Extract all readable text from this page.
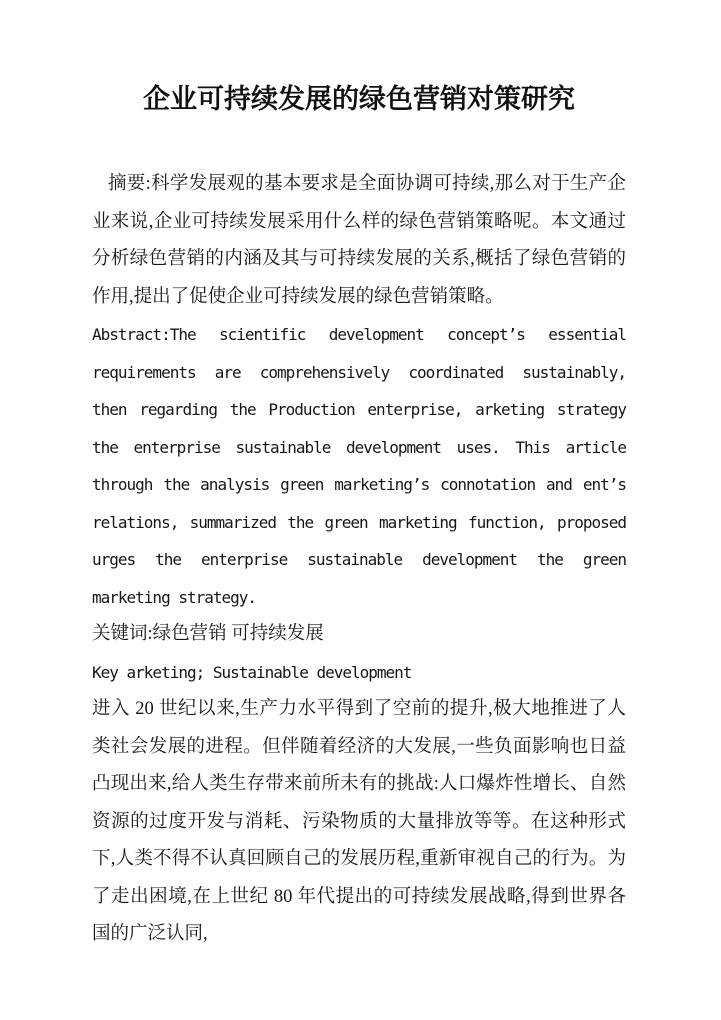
企业可持续发展的绿色营销对策研究

摘要:科学发展观的基本要求是全面协调可持续,那么对于生产企业来说,企业可持续发展采用什么样的绿色营销策略呢。本文通过分析绿色营销的内涵及其与可持续发展的关系,概括了绿色营销的作用,提出了促使企业可持续发展的绿色营销策略。

Abstract:The scientific development concept’s essential requirements are comprehensively coordinated sustainably, then regarding the Production enterprise, arketing strategy the enterprise sustainable development uses. This article through the analysis green marketing’s connotation and ent’s relations, summarized the green marketing function, proposed urges the enterprise sustainable development the green marketing strategy.

关键词:绿色营销 可持续发展

Key arketing; Sustainable development

进入 20 世纪以来,生产力水平得到了空前的提升,极大地推进了人类社会发展的进程。但伴随着经济的大发展,一些负面影响也日益凸现出来,给人类生存带来前所未有的挑战:人口爆炸性增长、自然资源的过度开发与消耗、污染物质的大量排放等等。在这种形式下,人类不得不认真回顾自己的发展历程,重新审视自己的行为。为了走出困境,在上世纪 80 年代提出的可持续发展战略,得到世界各国的广泛认同,
